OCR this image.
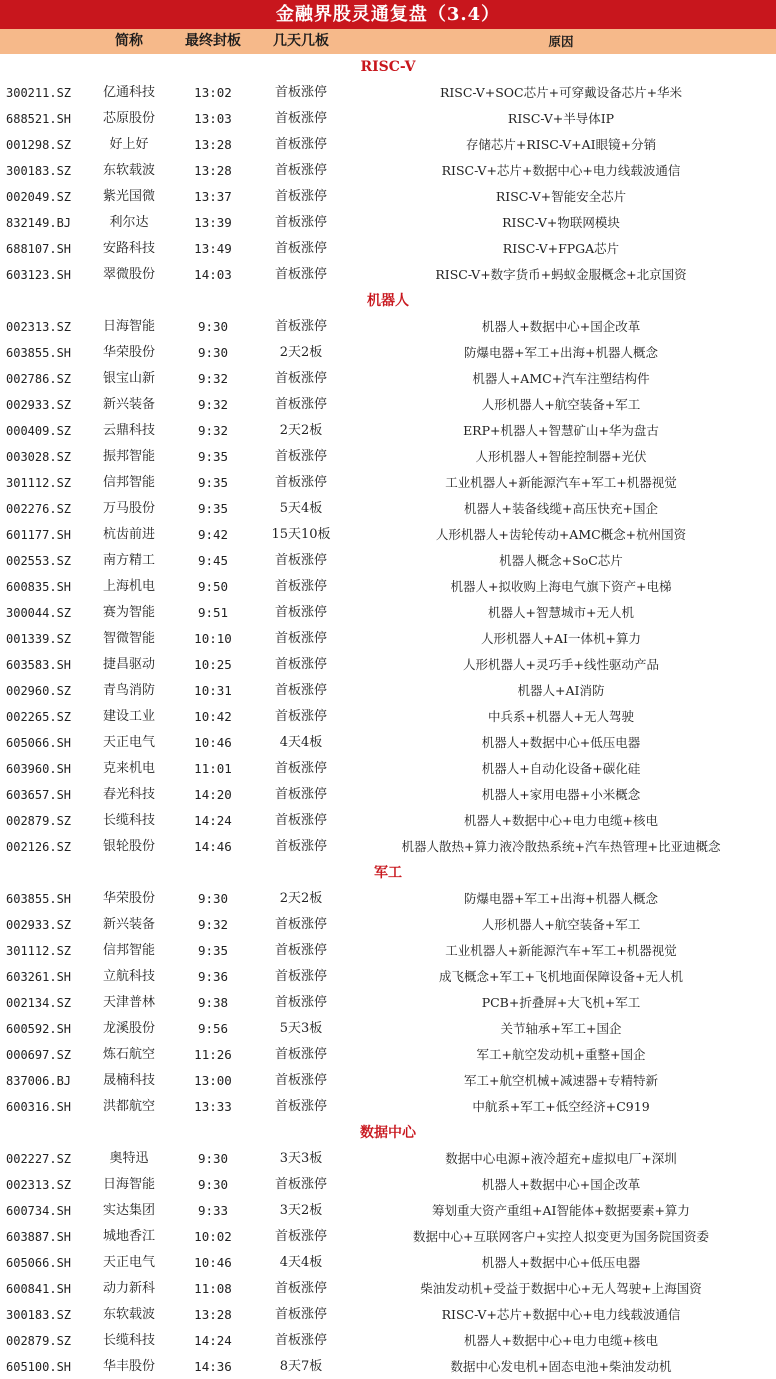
金融界股灵通复盘（3.4）
简称	最终封板	几天几板	原因
RISC-V
300211.SZ	亿通科技	13:02	首板涨停	RISC-V+SOC芯片+可穿戴设备芯片+华米
688521.SH	芯原股份	13:03	首板涨停	RISC-V+半导体IP
001298.SZ	好上好	13:28	首板涨停	存储芯片+RISC-V+AI眼镜+分销
300183.SZ	东软载波	13:28	首板涨停	RISC-V+芯片+数据中心+电力线载波通信
002049.SZ	紫光国微	13:37	首板涨停	RISC-V+智能安全芯片
832149.BJ	利尔达	13:39	首板涨停	RISC-V+物联网模块
688107.SH	安路科技	13:49	首板涨停	RISC-V+FPGA芯片
603123.SH	翠微股份	14:03	首板涨停	RISC-V+数字货币+蚂蚁金服概念+北京国资
机器人
002313.SZ	日海智能	9:30	首板涨停	机器人+数据中心+国企改革
603855.SH	华荣股份	9:30	2天2板	防爆电器+军工+出海+机器人概念
002786.SZ	银宝山新	9:32	首板涨停	机器人+AMC+汽车注塑结构件
002933.SZ	新兴装备	9:32	首板涨停	人形机器人+航空装备+军工
000409.SZ	云鼎科技	9:32	2天2板	ERP+机器人+智慧矿山+华为盘古
003028.SZ	振邦智能	9:35	首板涨停	人形机器人+智能控制器+光伏
301112.SZ	信邦智能	9:35	首板涨停	工业机器人+新能源汽车+军工+机器视觉
002276.SZ	万马股份	9:35	5天4板	机器人+装备线缆+高压快充+国企
601177.SH	杭齿前进	9:42	15天10板	人形机器人+齿轮传动+AMC概念+杭州国资
002553.SZ	南方精工	9:45	首板涨停	机器人概念+SoC芯片
600835.SH	上海机电	9:50	首板涨停	机器人+拟收购上海电气旗下资产+电梯
300044.SZ	赛为智能	9:51	首板涨停	机器人+智慧城市+无人机
001339.SZ	智微智能	10:10	首板涨停	人形机器人+AI一体机+算力
603583.SH	捷昌驱动	10:25	首板涨停	人形机器人+灵巧手+线性驱动产品
002960.SZ	青鸟消防	10:31	首板涨停	机器人+AI消防
002265.SZ	建设工业	10:42	首板涨停	中兵系+机器人+无人驾驶
605066.SH	天正电气	10:46	4天4板	机器人+数据中心+低压电器
603960.SH	克来机电	11:01	首板涨停	机器人+自动化设备+碳化硅
603657.SH	春光科技	14:20	首板涨停	机器人+家用电器+小米概念
002879.SZ	长缆科技	14:24	首板涨停	机器人+数据中心+电力电缆+核电
002126.SZ	银轮股份	14:46	首板涨停	机器人散热+算力液冷散热系统+汽车热管理+比亚迪概念
军工
603855.SH	华荣股份	9:30	2天2板	防爆电器+军工+出海+机器人概念
002933.SZ	新兴装备	9:32	首板涨停	人形机器人+航空装备+军工
301112.SZ	信邦智能	9:35	首板涨停	工业机器人+新能源汽车+军工+机器视觉
603261.SH	立航科技	9:36	首板涨停	成飞概念+军工+飞机地面保障设备+无人机
002134.SZ	天津普林	9:38	首板涨停	PCB+折叠屏+大飞机+军工
600592.SH	龙溪股份	9:56	5天3板	关节轴承+军工+国企
000697.SZ	炼石航空	11:26	首板涨停	军工+航空发动机+重整+国企
837006.BJ	晟楠科技	13:00	首板涨停	军工+航空机械+减速器+专精特新
600316.SH	洪都航空	13:33	首板涨停	中航系+军工+低空经济+C919
数据中心
002227.SZ	奥特迅	9:30	3天3板	数据中心电源+液冷超充+虚拟电厂+深圳
002313.SZ	日海智能	9:30	首板涨停	机器人+数据中心+国企改革
600734.SH	实达集团	9:33	3天2板	筹划重大资产重组+AI智能体+数据要素+算力
603887.SH	城地香江	10:02	首板涨停	数据中心+互联网客户+实控人拟变更为国务院国资委
605066.SH	天正电气	10:46	4天4板	机器人+数据中心+低压电器
600841.SH	动力新科	11:08	首板涨停	柴油发动机+受益于数据中心+无人驾驶+上海国资
300183.SZ	东软载波	13:28	首板涨停	RISC-V+芯片+数据中心+电力线载波通信
002879.SZ	长缆科技	14:24	首板涨停	机器人+数据中心+电力电缆+核电
605100.SH	华丰股份	14:36	8天7板	数据中心发电机+固态电池+柴油发动机
